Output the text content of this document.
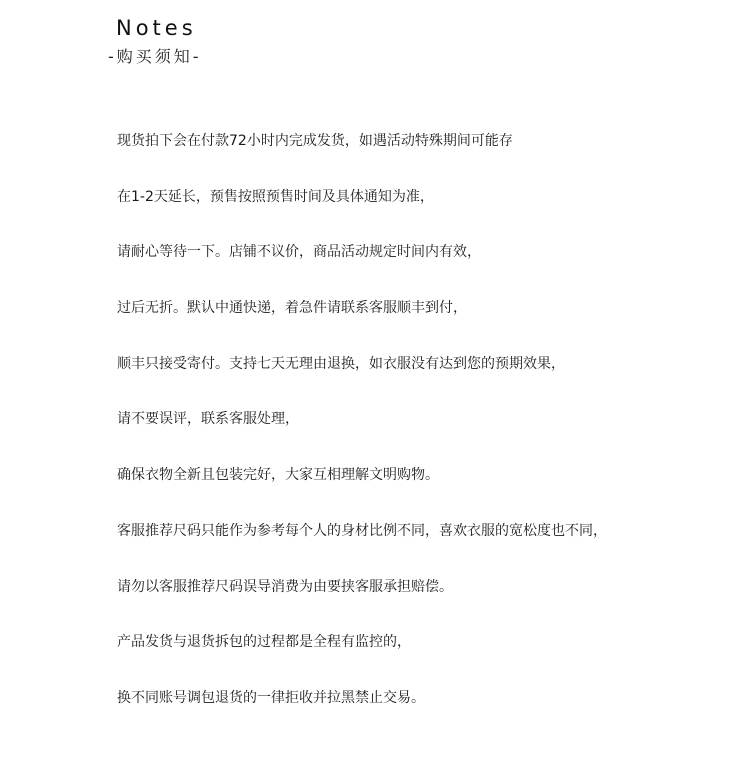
Notes
-购买须知-
现货拍下会在付款72小时内完成发货，如遇活动特殊期间可能存
在1-2天延长，预售按照预售时间及具体通知为准，
请耐心等待一下。店铺不议价，商品活动规定时间内有效，
过后无折。默认中通快递，着急件请联系客服顺丰到付，
顺丰只接受寄付。支持七天无理由退换，如衣服没有达到您的预期效果，
请不要误评，联系客服处理，
确保衣物全新且包装完好，大家互相理解文明购物。
客服推荐尺码只能作为参考每个人的身材比例不同，喜欢衣服的宽松度也不同，
请勿以客服推荐尺码误导消费为由要挟客服承担赔偿。
产品发货与退货拆包的过程都是全程有监控的，
换不同账号调包退货的一律拒收并拉黑禁止交易。
